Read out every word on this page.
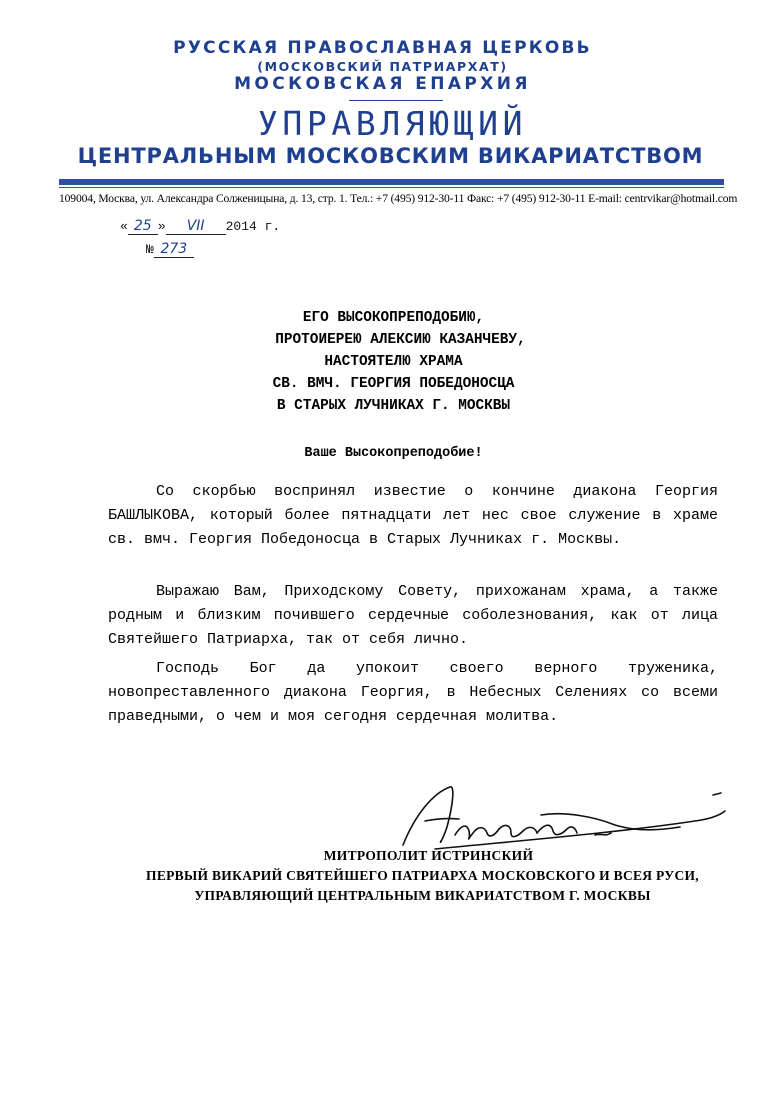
РУССКАЯ ПРАВОСЛАВНАЯ ЦЕРКОВЬ
(МОСКОВСКИЙ ПАТРИАРХАТ)
МОСКОВСКАЯ ЕПАРХИЯ
УПРАВЛЯЮЩИЙ
ЦЕНТРАЛЬНЫМ МОСКОВСКИМ ВИКАРИАТСТВОМ
109004, Москва, ул. Александра Солженицына, д. 13, стр. 1. Тел.: +7 (495) 912-30-11 Факс: +7 (495) 912-30-11 E-mail: centrvikar@hotmail.com
« 25 » VII 2014 г.
№ 273
ЕГО ВЫСОКОПРЕПОДОБИЮ,
ПРОТОИЕРЕЮ АЛЕКСИЮ КАЗАНЧЕВУ,
НАСТОЯТЕЛЮ ХРАМА
СВ. ВМЧ. ГЕОРГИЯ ПОБЕДОНОСЦА
В СТАРЫХ ЛУЧНИКАХ Г. МОСКВЫ
Ваше Высокопреподобие!
Со скорбью воспринял известие о кончине диакона Георгия БАШЛЫКОВА, который более пятнадцати лет нес свое служение в храме св. вмч. Георгия Победоносца в Старых Лучниках г. Москвы.
Выражаю Вам, Приходскому Совету, прихожанам храма, а также родным и близким почившего сердечные соболезнования, как от лица Святейшего Патриарха, так от себя лично.
Господь Бог да упокоит своего верного труженика, новопреставленного диакона Георгия, в Небесных Селениях со всеми праведными, о чем и моя сегодня сердечная молитва.
МИТРОПОЛИТ ИСТРИНСКИЙ
ПЕРВЫЙ ВИКАРИЙ СВЯТЕЙШЕГО ПАТРИАРХА МОСКОВСКОГО И ВСЕЯ РУСИ,
УПРАВЛЯЮЩИЙ ЦЕНТРАЛЬНЫМ ВИКАРИАТСТВОМ Г. МОСКВЫ
